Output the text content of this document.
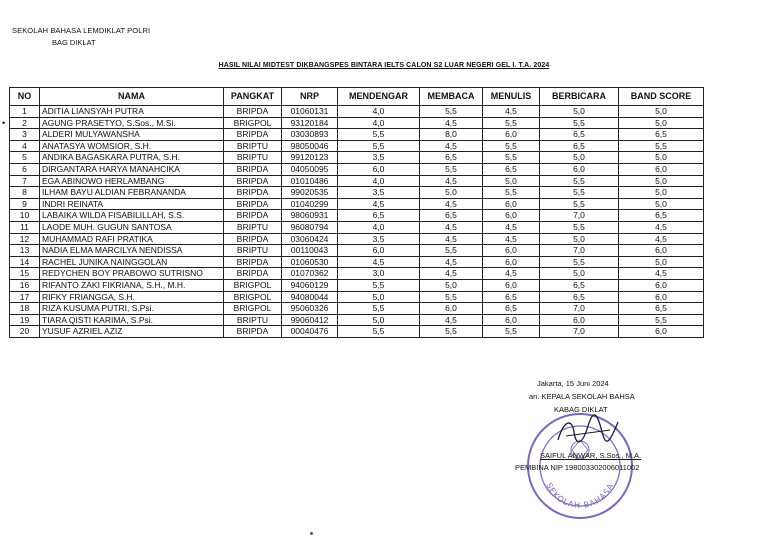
SEKOLAH BAHASA LEMDIKLAT POLRI
BAG DIKLAT
HASIL NILAI MIDTEST DIKBANGSPES BINTARA IELTS CALON S2 LUAR NEGERI GEL I. T.A. 2024
•
NO	NAMA	PANGKAT	NRP	MENDENGAR	MEMBACA	MENULIS	BERBICARA	BAND SCORE
1	ADITIA LIANSYAH PUTRA	BRIPDA	01060131	4,0	5,5	4,5	5,0	5,0
2	AGUNG PRASETYO, S.Sos., M.Si.	BRIGPOL	93120184	4,0	4,5	5,5	5,5	5,0
3	ALDERI MULYAWANSHA	BRIPDA	03030893	5,5	8,0	6,0	6,5	6,5
4	ANATASYA WOMSIOR, S.H.	BRIPTU	98050046	5,5	4,5	5,5	6,5	5,5
5	ANDIKA BAGASKARA PUTRA, S.H.	BRIPTU	99120123	3,5	6,5	5,5	5,0	5,0
6	DIRGANTARA HARYA MANAHCIKA	BRIPDA	04050095	6,0	5,5	6,5	6,0	6,0
7	EGA ABINOWO HERLAMBANG	BRIPDA	01010486	4,0	4,5	5,0	5,5	5,0
8	ILHAM BAYU ALDIAN FEBRANANDA	BRIPDA	99020535	3,5	5,0	5,5	5,5	5,0
9	INDRI REINATA	BRIPDA	01040299	4,5	4,5	6,0	5,5	5,0
10	LABAIKA WILDA FISABILILLAH, S.S.	BRIPDA	98060931	6,5	6,5	6,0	7,0	6,5
11	LAODE MUH. GUGUN SANTOSA	BRIPTU	96080794	4,0	4,5	4,5	5,5	4,5
12	MUHAMMAD RAFI PRATIKA	BRIPDA	03060424	3,5	4,5	4,5	5,0	4,5
13	NADIA ELMA MARCILYA NENDISSA	BRIPTU	00110043	6,0	5,5	6,0	7,0	6,0
14	RACHEL JUNIKA NAINGGOLAN	BRIPDA	01060530	4,5	4,5	6,0	5,5	5,0
15	REDYCHEN BOY PRABOWO SUTRISNO	BRIPDA	01070362	3,0	4,5	4,5	5,0	4,5
16	RIFANTO ZAKI FIKRIANA, S.H., M.H.	BRIGPOL	94060129	5,5	5,0	6,0	6,5	6,0
17	RIFKY FRIANGGA, S.H.	BRIGPOL	94080044	5,0	5,5	6,5	6,5	6,0
18	RIZA KUSUMA PUTRI, S.Psi.	BRIGPOL	95060326	5,5	6,0	6,5	7,0	6,5
19	TIARA QISTI KARIMA, S.Psi.	BRIPTU	99060412	5,0	4,5	6,0	6,0	5,5
20	YUSUF AZRIEL AZIZ	BRIPDA	00040476	5,5	5,5	5,5	7,0	6,0
Jakarta, 15 Juni 2024
an. KEPALA SEKOLAH BAHSA
KABAG DIKLAT
SEKOLAH BAHASA
SAIFUL ANWAR, S.Sos., M.A.
PEMBINA NIP 198003302006011002
